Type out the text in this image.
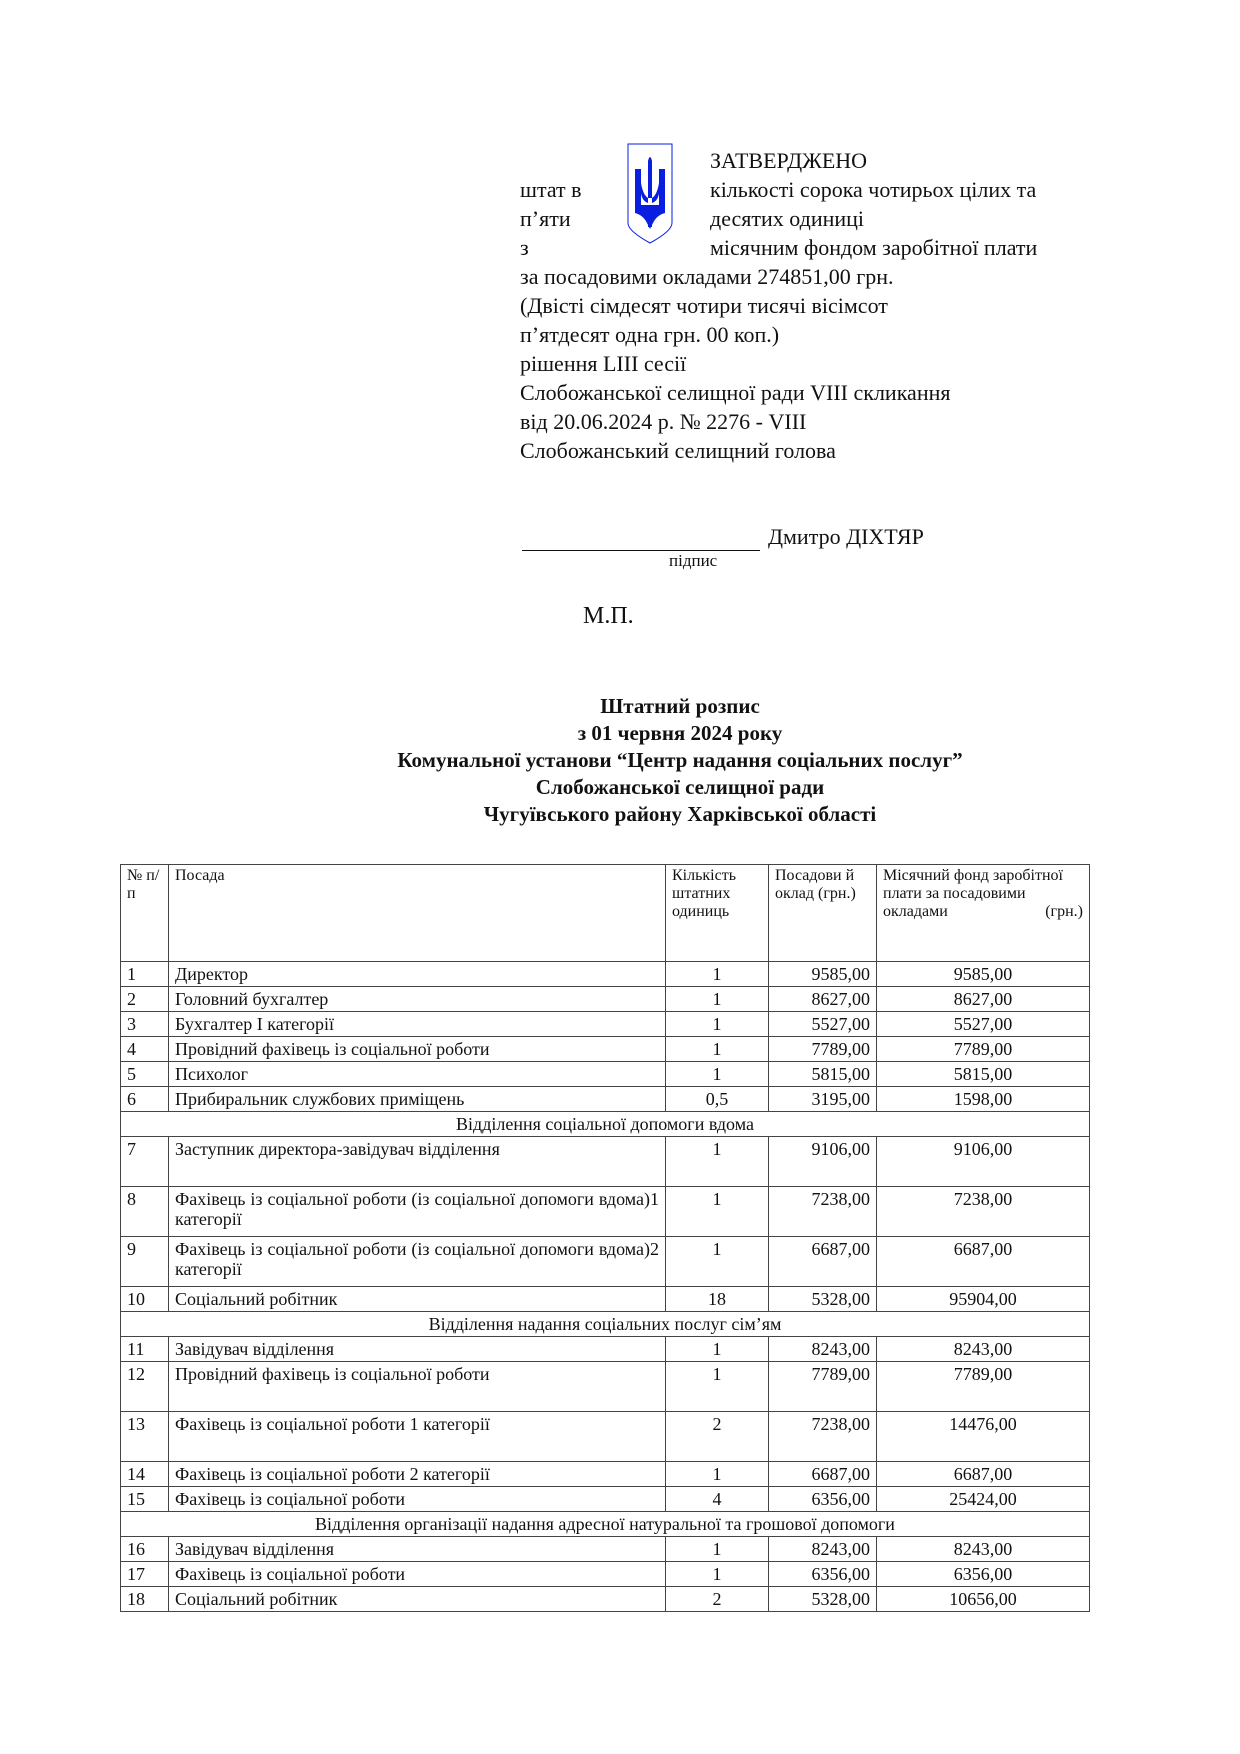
ЗАТВЕРДЖЕНО
штат в
п’яти
з
кількості сорока чотирьох цілих та
десятих одиниці
місячним фондом заробітної плати
за посадовими окладами 274851,00 грн.
(Двісті сімдесят чотири тисячі вісімсот
п’ятдесят одна грн. 00 коп.)
рішення LIII сесії
Слобожанської селищної ради VIII скликання
від 20.06.2024 р. № 2276 - VIII
Слобожанський селищний голова
Дмитро ДІХТЯР
підпис
М.П.
Штатний розпис
з 01 червня 2024 року
Комунальної установи “Центр надання соціальних послуг”
Слобожанської селищної ради
Чугуївського району Харківської області
№ п/ п	Посада	Кількість штатних одиниць	Посадови й оклад (грн.)	Місячний фонд заробітної плати за посадовими окладами (грн.)
1	Директор	1	9585,00	9585,00
2	Головний бухгалтер	1	8627,00	8627,00
3	Бухгалтер I категорії	1	5527,00	5527,00
4	Провідний фахівець із соціальної роботи	1	7789,00	7789,00
5	Психолог	1	5815,00	5815,00
6	Прибиральник службових приміщень	0,5	3195,00	1598,00
Відділення соціальної допомоги вдома				
7	Заступник директора-завідувач відділення	1	9106,00	9106,00
8	Фахівець із соціальної роботи (із соціальної допомоги вдома)1 категорії	1	7238,00	7238,00
9	Фахівець із соціальної роботи (із соціальної допомоги вдома)2 категорії	1	6687,00	6687,00
10	Соціальний робітник	18	5328,00	95904,00
Відділення надання соціальних послуг сім’ям				
11	Завідувач відділення	1	8243,00	8243,00
12	Провідний фахівець із соціальної роботи	1	7789,00	7789,00
13	Фахівець із соціальної роботи 1 категорії	2	7238,00	14476,00
14	Фахівець із соціальної роботи 2 категорії	1	6687,00	6687,00
15	Фахівець із соціальної роботи	4	6356,00	25424,00
Відділення організації надання адресної натуральної та грошової допомоги				
16	Завідувач відділення	1	8243,00	8243,00
17	Фахівець із соціальної роботи	1	6356,00	6356,00
18	Соціальний робітник	2	5328,00	10656,00
